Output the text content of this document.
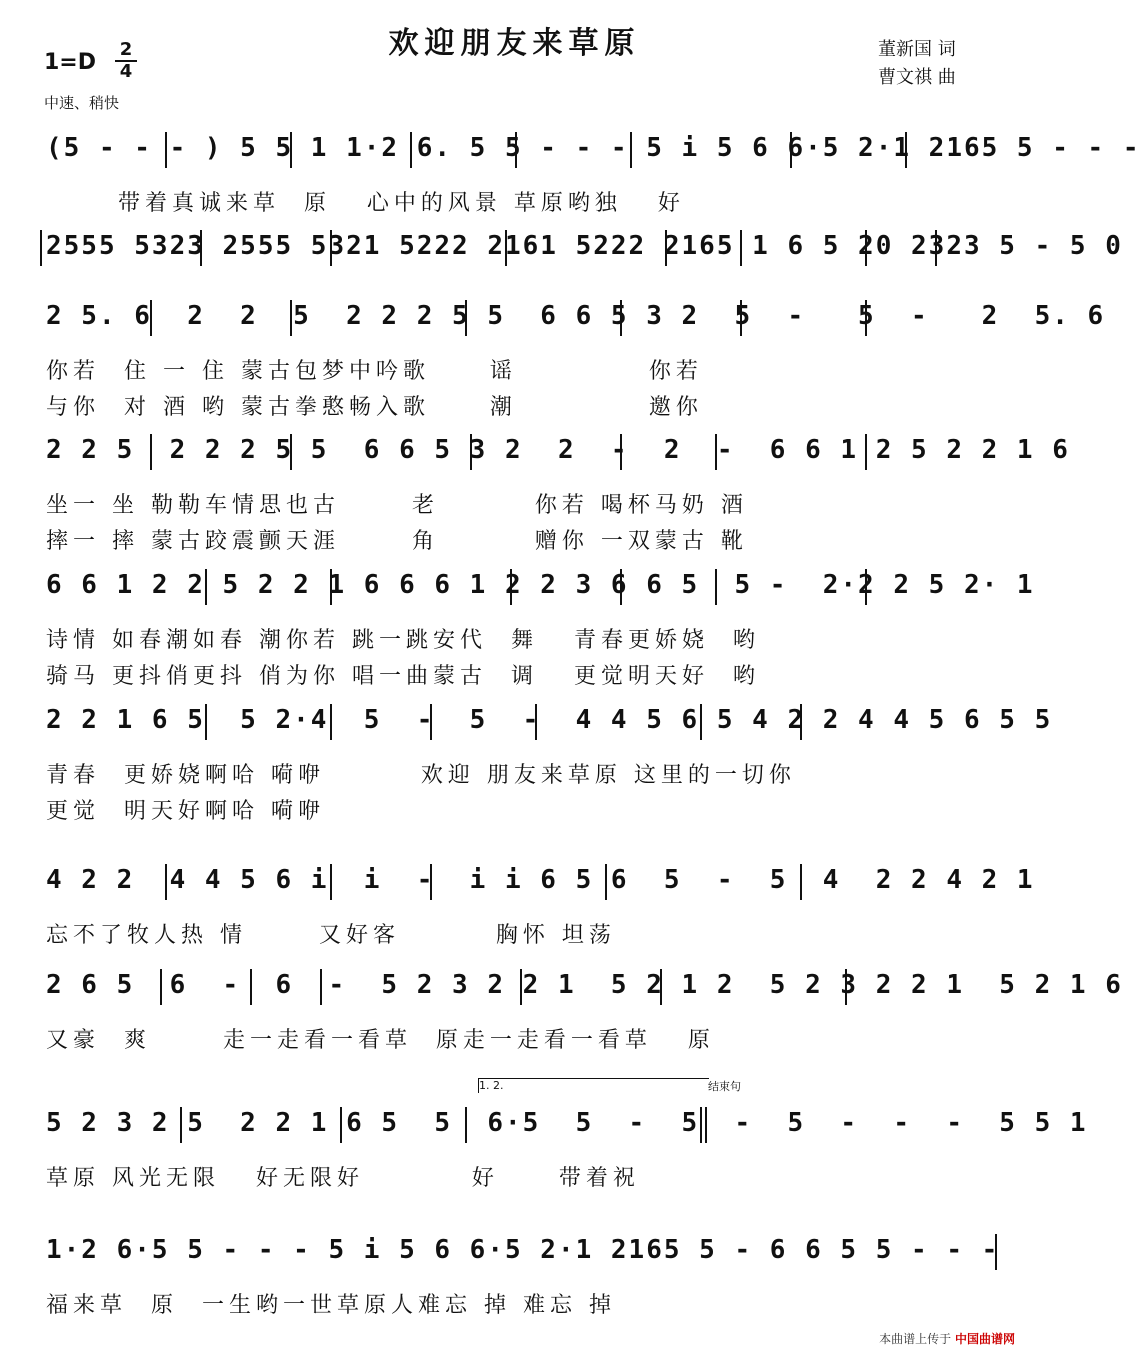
欢迎朋友来草原	董新国 词
曹文祺 曲
1=D
2
4
中速、稍快
(5 - - - ) 5 5 1 1·2 6. 5 5 - - - 5 i 5 6 6·5 2·1 2165 5 - - -
带着真诚来草  原   心中的风景 草原哟独   好
2555 5323 2555 5321 5222 2161 5222 2165 1 6 5 20 2323 5 - 5 0
2 5. 6  2  2  5  2 2 2 5 5  6 6 5 3 2  5  -   5  -   2  5. 6
你若  住 一 住 蒙古包梦中吟歌     谣           你若
与你  对 酒 哟 蒙古拳憨畅入歌     潮           邀你
2 2 5  2 2 2 5 5  6 6 5 3 2  2  -  2  -  6 6 1 2 5 2 2 1 6
坐一 坐 勒勒车情思也古      老        你若 喝杯马奶 酒
摔一 摔 蒙古跤震颤天涯      角        赠你 一双蒙古 靴
6 6 1 2 2 5 2 2 1 6 6 6 1 2 2 3 6 6 5  5 -  2·2 2 5 2· 1
诗情 如春潮如春 潮你若 跳一跳安代  舞   青春更娇娆  哟
骑马 更抖俏更抖 俏为你 唱一曲蒙古  调   更觉明天好  哟
2 2 1 6 5  5 2·4  5  -  5  -  4 4 5 6 5 4 2 2 4 4 5 6 5 5
青春  更娇娆啊哈 嗬咿        欢迎 朋友来草原 这里的一切你
更觉  明天好啊哈 嗬咿
4 2 2  4 4 5 6 i  i  -  i i 6 5 6  5  -  5  4  2 2 4 2 1
忘不了牧人热 情      又好客        胸怀 坦荡
2 6 5  6  -  6  -  5 2 3 2 2 1  5 2 1 2  5 2 3 2 2 1  5 2 1 6
又豪  爽      走一走看一看草  原走一走看一看草   原
5 2 3 2 5  2 2 1 6 5  5  6·5  5  -  5  -  5  -  -  -  5 5 1
草原 风光无限   好无限好         好     带着祝
1·2 6·5 5 - - - 5 i 5 6 6·5 2·1 2165 5 - 6 6 5 5 - - -
福来草  原  一生哟一世草原人难忘 掉 难忘 掉
1. 2.	结束句
本曲谱上传于 中国曲谱网
